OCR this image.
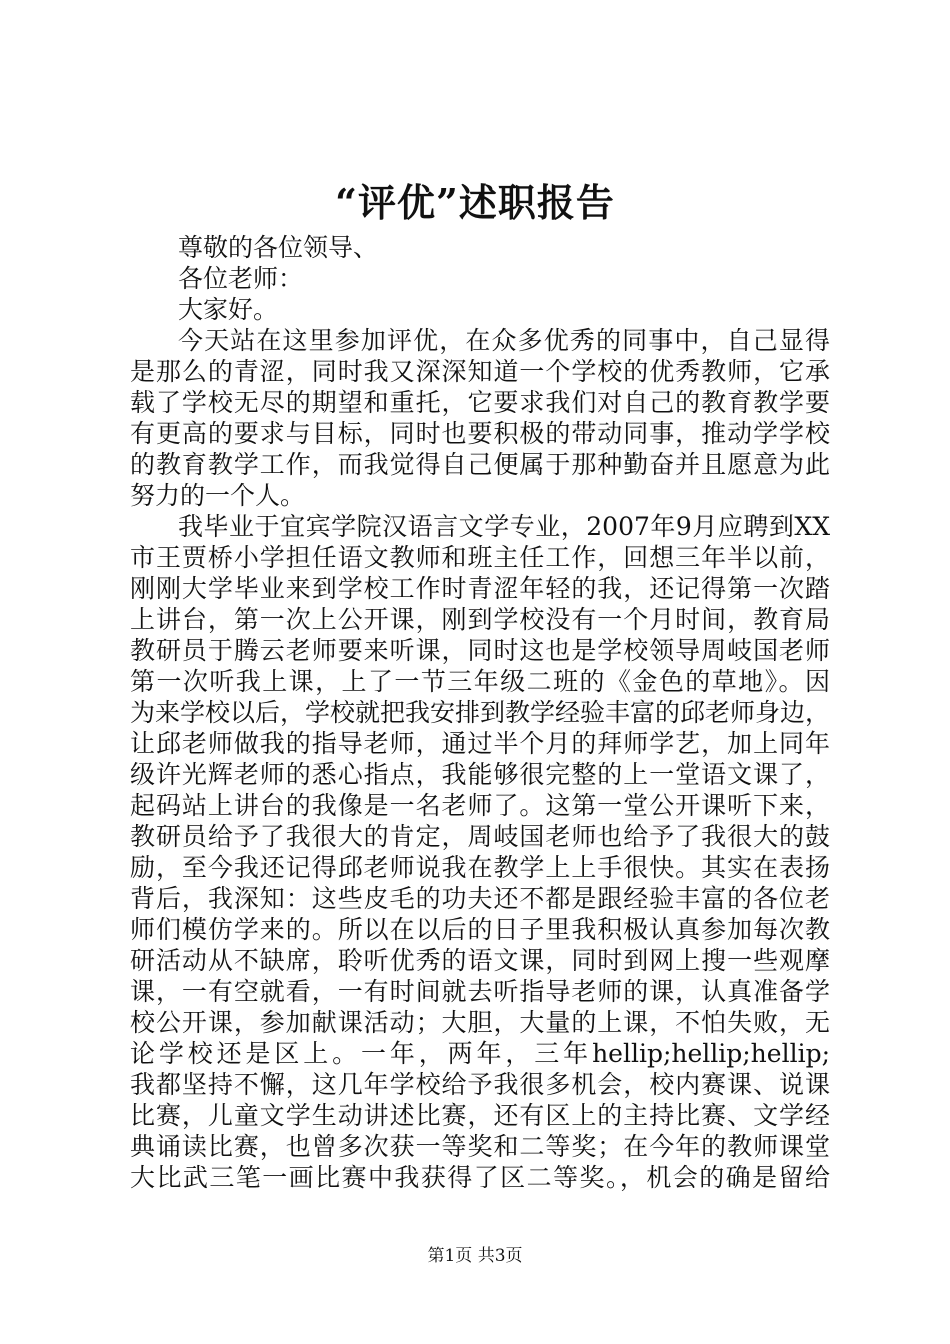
“评优”述职报告
尊敬的各位领导、
各位老师：
大家好。
今天站在这里参加评优，在众多优秀的同事中，自己显得
是那么的青涩，同时我又深深知道一个学校的优秀教师，它承
载了学校无尽的期望和重托，它要求我们对自己的教育教学要
有更高的要求与目标，同时也要积极的带动同事，推动学学校
的教育教学工作，而我觉得自己便属于那种勤奋并且愿意为此
努力的一个人。
我毕业于宜宾学院汉语言文学专业，2007年9月应聘到XX
市王贾桥小学担任语文教师和班主任工作，回想三年半以前，
刚刚大学毕业来到学校工作时青涩年轻的我，还记得第一次踏
上讲台，第一次上公开课，刚到学校没有一个月时间，教育局
教研员于腾云老师要来听课，同时这也是学校领导周岐国老师
第一次听我上课，上了一节三年级二班的《金色的草地》。因
为来学校以后，学校就把我安排到教学经验丰富的邱老师身边，
让邱老师做我的指导老师，通过半个月的拜师学艺，加上同年
级许光辉老师的悉心指点，我能够很完整的上一堂语文课了，
起码站上讲台的我像是一名老师了。这第一堂公开课听下来，
教研员给予了我很大的肯定，周岐国老师也给予了我很大的鼓
励，至今我还记得邱老师说我在教学上上手很快。其实在表扬
背后，我深知：这些皮毛的功夫还不都是跟经验丰富的各位老
师们模仿学来的。所以在以后的日子里我积极认真参加每次教
研活动从不缺席，聆听优秀的语文课，同时到网上搜一些观摩
课，一有空就看，一有时间就去听指导老师的课，认真准备学
校公开课，参加献课活动；大胆，大量的上课，不怕失败，无
论学校还是区上。一年，两年，三年hellip;hellip;hellip;
我都坚持不懈，这几年学校给予我很多机会，校内赛课、说课
比赛，儿童文学生动讲述比赛，还有区上的主持比赛、文学经
典诵读比赛，也曾多次获一等奖和二等奖；在今年的教师课堂
大比武三笔一画比赛中我获得了区二等奖。，机会的确是留给
第1页 共3页
